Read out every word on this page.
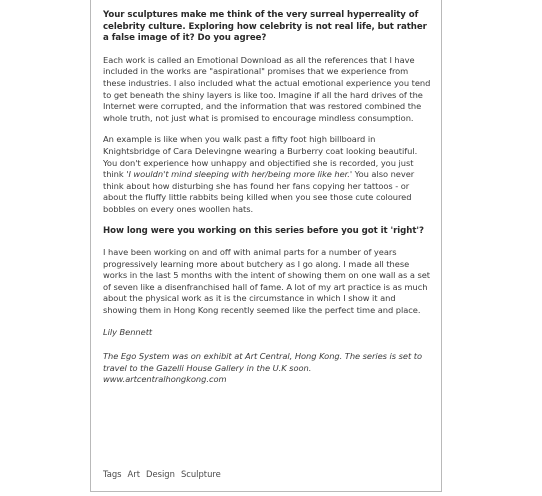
Your sculptures make me think of the very surreal hyperreality of celebrity culture. Exploring how celebrity is not real life, but rather a false image of it? Do you agree?

Each work is called an Emotional Download as all the references that I have included in the works are "aspirational" promises that we experience from these industries. I also included what the actual emotional experience you tend to get beneath the shiny layers is like too. Imagine if all the hard drives of the Internet were corrupted, and the information that was restored combined the whole truth, not just what is promised to encourage mindless consumption.

An example is like when you walk past a fifty foot high billboard in Knightsbridge of Cara Delevingne wearing a Burberry coat looking beautiful. You don't experience how unhappy and objectified she is recorded, you just think 'I wouldn't mind sleeping with her/being more like her.' You also never think about how disturbing she has found her fans copying her tattoos - or about the fluffy little rabbits being killed when you see those cute coloured bobbles on every ones woollen hats.

How long were you working on this series before you got it 'right'?

I have been working on and off with animal parts for a number of years progressively learning more about butchery as I go along. I made all these works in the last 5 months with the intent of showing them on one wall as a set of seven like a disenfranchised hall of fame. A lot of my art practice is as much about the physical work as it is the circumstance in which I show it and showing them in Hong Kong recently seemed like the perfect time and place.

Lily Bennett

The Ego System was on exhibit at Art Central, Hong Kong. The series is set to travel to the Gazelli House Gallery in the U.K soon.

www.artcentralhongkong.com

Tags Art Design Sculpture
